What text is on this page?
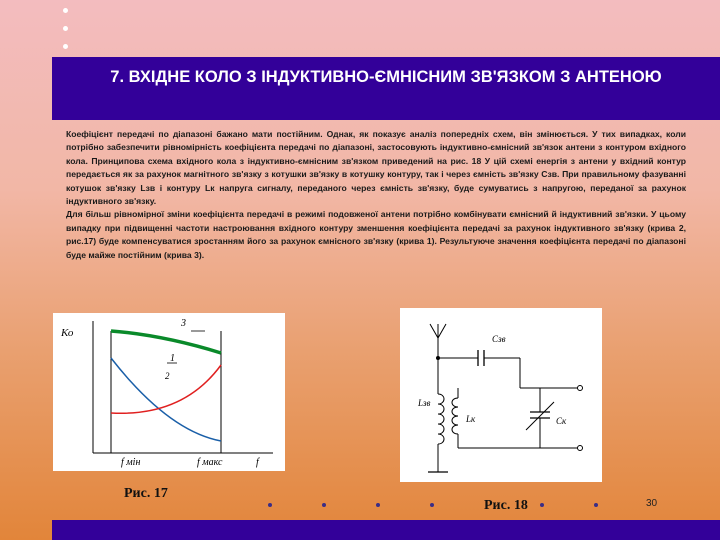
7. ВХІДНЕ КОЛО З ІНДУКТИВНО-ЄМНІСНИМ ЗВ'ЯЗКОМ З АНТЕНОЮ

Коефіцієнт передачі по діапазоні бажано мати постійним. Однак, як показує аналіз попередніх схем, він змінюється. У тих випадках, коли потрібно забезпечити рівномірність коефіцієнта передачі по діапазоні, застосовують індуктивно-ємнісний зв'язок антени з контуром вхідного кола. Принципова схема вхідного кола з індуктивно-ємнісним зв'язком приведений на рис. 18 У цій схемі енергія з антени у вхідний контур передається як за рахунок магнітного зв'язку з котушки зв'язку в котушку контуру, так і через ємність зв'язку Сзв. При правильному фазуванні котушок зв'язку Lзв і контуру Lк напруга сигналу, переданого через ємність зв'язку, буде сумуватись з напругою, переданої за рахунок індуктивного зв'язку.

Для більш рівномірної зміни коефіцієнта передачі в режимі подовженої антени потрібно комбінувати ємнісний й індуктивний зв'язки. У цьому випадку при підвищенні частоти настроювання вхідного контуру зменшення коефіцієнта передачі за рахунок індуктивного зв'язку (крива 2, рис.17) буде компенсуватися зростанням його за рахунок ємнісного зв'язку (крива 1). Результуюче значення коефіцієнта передачі по діапазоні буде майже постійним (крива 3).

Ко
3
1
2
f мін	f макс	f
Рис. 17
Сзв
Lзв
Lк	Ск
Рис. 18	30
